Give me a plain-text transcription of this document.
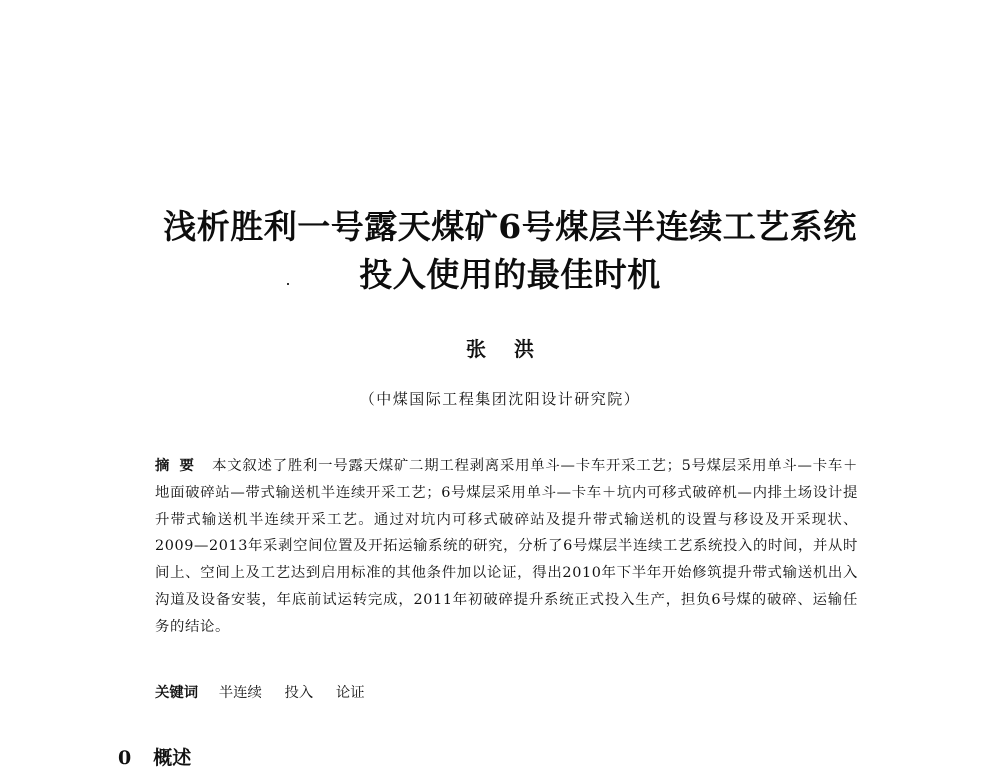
浅析胜利一号露天煤矿6号煤层半连续工艺系统
投入使用的最佳时机
张洪
（中煤国际工程集团沈阳设计研究院）
摘要 本文叙述了胜利一号露天煤矿二期工程剥离采用单斗—卡车开采工艺；5号煤层采用单斗—卡车＋地面破碎站—带式输送机半连续开采工艺；6号煤层采用单斗—卡车＋坑内可移式破碎机—内排土场设计提升带式输送机半连续开采工艺。通过对坑内可移式破碎站及提升带式输送机的设置与移设及开采现状、2009—2013年采剥空间位置及开拓运输系统的研究，分析了6号煤层半连续工艺系统投入的时间，并从时间上、空间上及工艺达到启用标准的其他条件加以论证，得出2010年下半年开始修筑提升带式输送机出入沟道及设备安装，年底前试运转完成，2011年初破碎提升系统正式投入生产，担负6号煤的破碎、运输任务的结论。
关键词 半连续 投入 论证
0 概述
